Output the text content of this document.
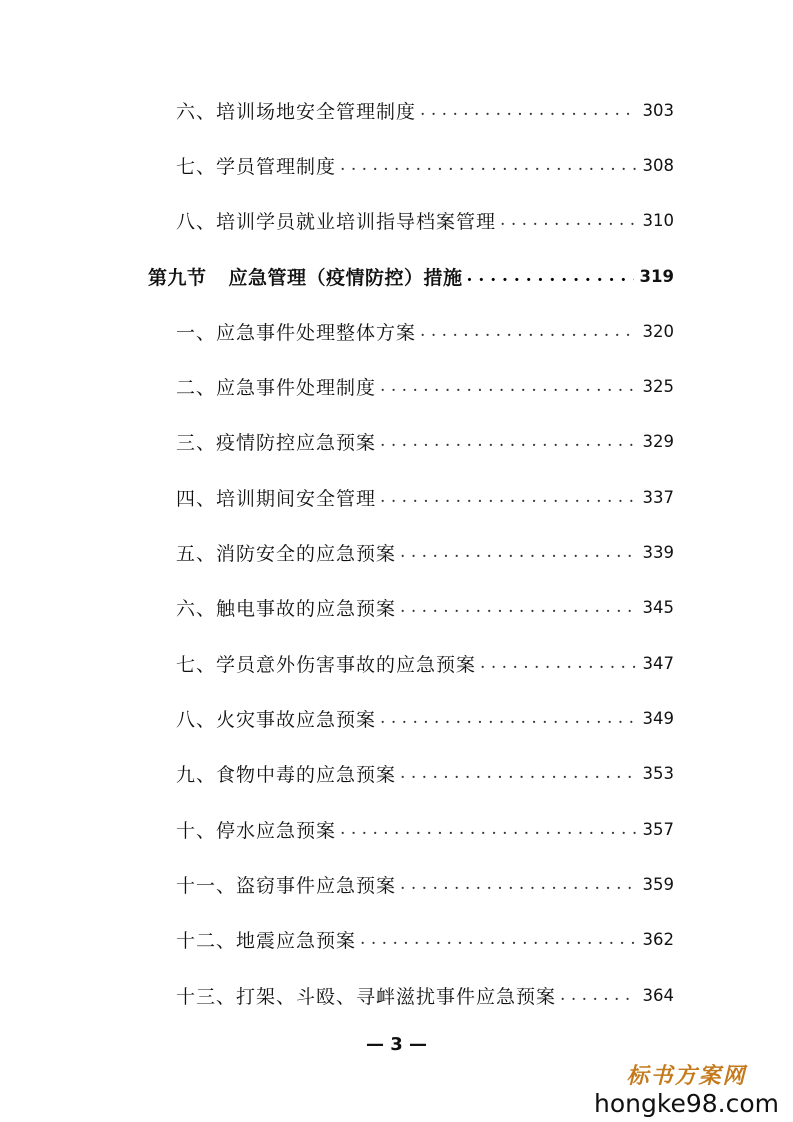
六、培训场地安全管理制度 . . .	303
七、学员管理制度 . . .	308
八、培训学员就业培训指导档案管理 . . .	310
第九节 应急管理（疫情防控）措施 . . .	319
一、应急事件处理整体方案 . . .	320
二、应急事件处理制度 . . .	325
三、疫情防控应急预案 . . .	329
四、培训期间安全管理 . . .	337
五、消防安全的应急预案 . . .	339
六、触电事故的应急预案 . . .	345
七、学员意外伤害事故的应急预案 . . .	347
八、火灾事故应急预案 . . .	349
九、食物中毒的应急预案 . . .	353
十、停水应急预案 . . .	357
十一、盗窃事件应急预案 . . .	359
十二、地震应急预案 . . .	362
十三、打架、斗殴、寻衅滋扰事件应急预案 . . .	364
— 3 —
标书方案网
hongke98.com
